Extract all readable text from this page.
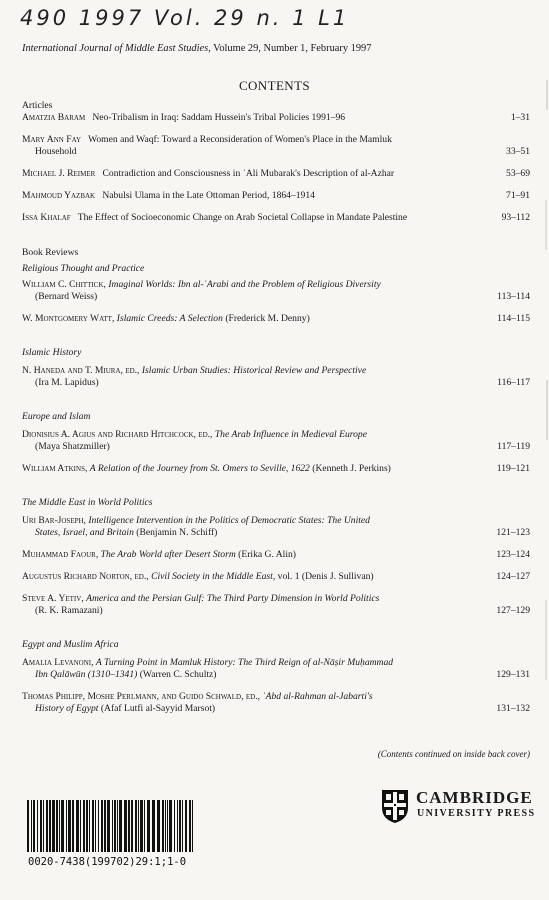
490 1997 Vol. 29 n. 1 L1
International Journal of Middle East Studies, Volume 29, Number 1, February 1997
CONTENTS
Articles
Amatzia Baram Neo-Tribalism in Iraq: Saddam Hussein's Tribal Policies 1991–96	1–31
Mary Ann Fay Women and Waqf: Toward a Reconsideration of Women's Place in the Mamluk
Household	33–51
Michael J. Reimer Contradiction and Consciousness in ʿAli Mubarak's Description of al-Azhar	53–69
Mahmoud Yazbak Nabulsi Ulama in the Late Ottoman Period, 1864–1914	71–91
Issa Khalaf The Effect of Socioeconomic Change on Arab Societal Collapse in Mandate Palestine	93–112
Book Reviews
Religious Thought and Practice
William C. Chittick, Imaginal Worlds: Ibn al-ʿArabi and the Problem of Religious Diversity
(Bernard Weiss)	113–114
W. Montgomery Watt, Islamic Creeds: A Selection (Frederick M. Denny)	114–115
Islamic History
N. Haneda and T. Miura, ed., Islamic Urban Studies: Historical Review and Perspective
(Ira M. Lapidus)	116–117
Europe and Islam
Dionisius A. Agius and Richard Hitchcock, ed., The Arab Influence in Medieval Europe
(Maya Shatzmiller)	117–119
William Atkins, A Relation of the Journey from St. Omers to Seville, 1622 (Kenneth J. Perkins)	119–121
The Middle East in World Politics
Uri Bar-Joseph, Intelligence Intervention in the Politics of Democratic States: The United
States, Israel, and Britain (Benjamin N. Schiff)	121–123
Muhammad Faour, The Arab World after Desert Storm (Erika G. Alin)	123–124
Augustus Richard Norton, ed., Civil Society in the Middle East, vol. 1 (Denis J. Sullivan)	124–127
Steve A. Yetiv, America and the Persian Gulf: The Third Party Dimension in World Politics
(R. K. Ramazani)	127–129
Egypt and Muslim Africa
Amalia Levanoni, A Turning Point in Mamluk History: The Third Reign of al-Nāṣir Muḥammad
Ibn Qalāwūn (1310–1341) (Warren C. Schultz)	129–131
Thomas Philipp, Moshe Perlmann, and Guido Schwald, ed., ʿAbd al-Rahman al-Jabarti's
History of Egypt (Afaf Lutfi al-Sayyid Marsot)	131–132
(Contents continued on inside back cover)
0020-7438(199702)29:1;1-0
CAMBRIDGE
UNIVERSITY PRESS
